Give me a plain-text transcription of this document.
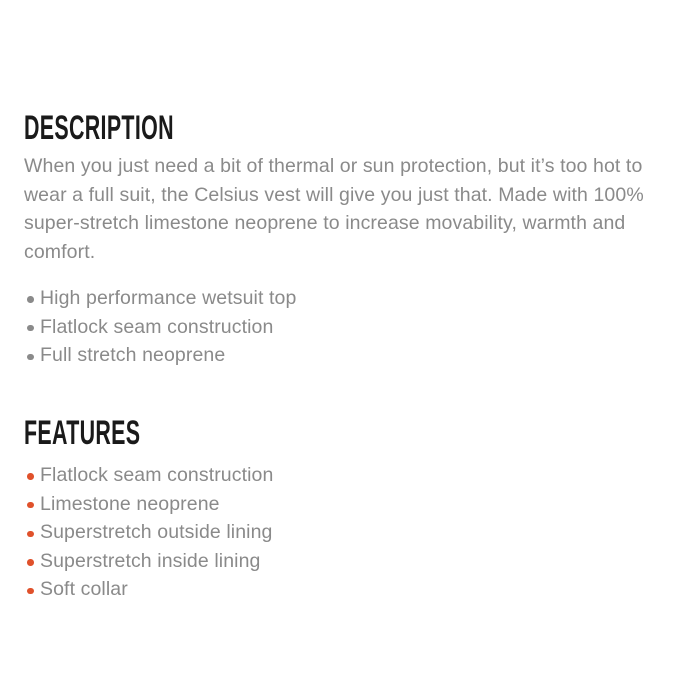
DESCRIPTION
When you just need a bit of thermal or sun protection, but it’s too hot to
wear a full suit, the Celsius vest will give you just that. Made with 100%
super-stretch limestone neoprene to increase movability, warmth and
comfort.
High performance wetsuit top
Flatlock seam construction
Full stretch neoprene
FEATURES
Flatlock seam construction
Limestone neoprene
Superstretch outside lining
Superstretch inside lining
Soft collar
